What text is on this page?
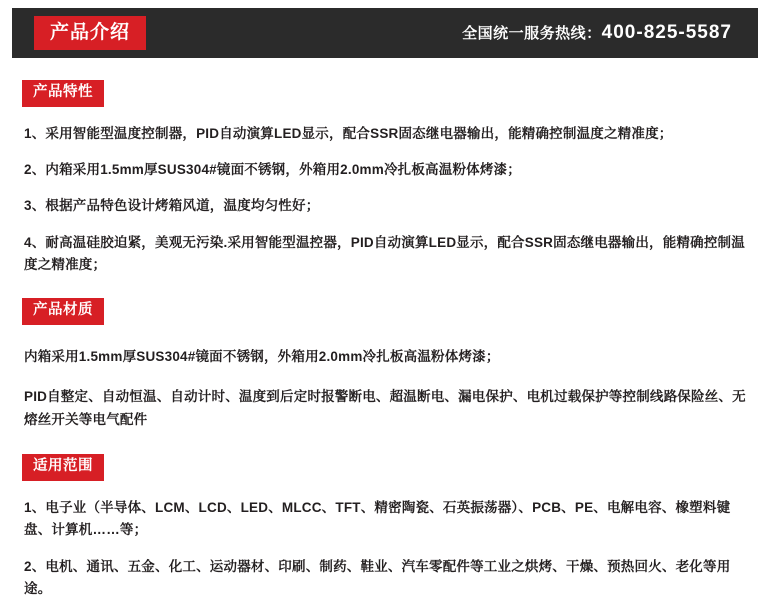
产品介绍	全国统一服务热线： 400-825-5587
产品特性
1、采用智能型温度控制器，PID自动演算LED显示，配合SSR固态继电器输出，能精确控制温度之精准度；
2、内箱采用1.5mm厚SUS304#镜面不锈钢，外箱用2.0mm冷扎板高温粉体烤漆；
3、根据产品特色设计烤箱风道，温度均匀性好；
4、耐高温硅胶迫紧，美观无污染.采用智能型温控器，PID自动演算LED显示，配合SSR固态继电器输出，能精确控制温度之精准度；
产品材质

内箱采用1.5mm厚SUS304#镜面不锈钢，外箱用2.0mm冷扎板高温粉体烤漆；

PID自整定、自动恒温、自动计时、温度到后定时报警断电、超温断电、漏电保护、电机过载保护等控制线路保险丝、无熔丝开关等电气配件

适用范围
1、电子业（半导体、LCM、LCD、LED、MLCC、TFT、精密陶瓷、石英振荡器）、PCB、PE、电解电容、橡塑料键盘、计算机……等；
2、电机、通讯、五金、化工、运动器材、印刷、制药、鞋业、汽车零配件等工业之烘烤、干燥、预热回火、老化等用途。
